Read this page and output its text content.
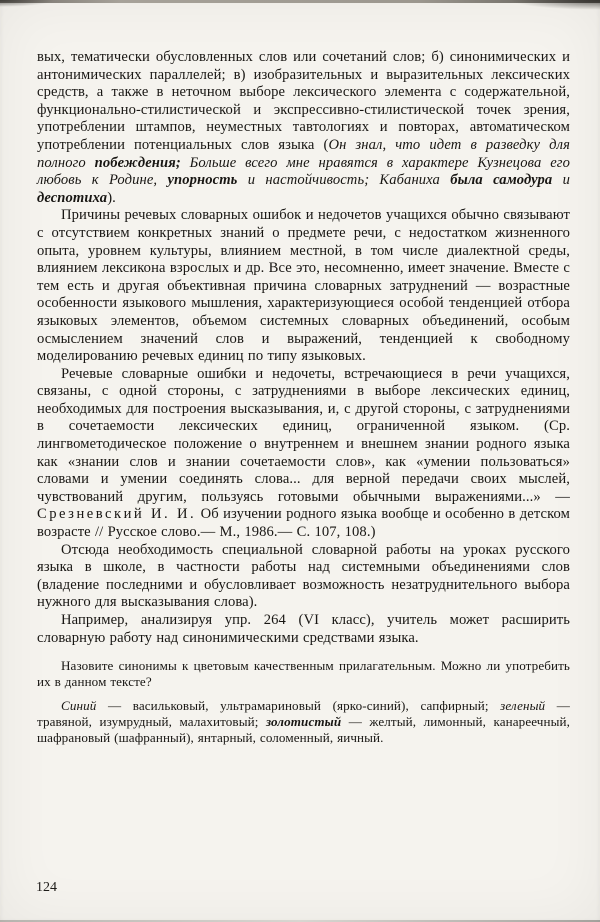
вых, тематически обусловленных слов или сочетаний слов; б) синонимических и антонимических параллелей; в) изобразительных и выразительных лексических средств, а также в неточном выборе лексического элемента с содержательной, функционально-стилистической и экспрессивно-стилистической точек зрения, употреблении штампов, неуместных тавтологиях и повторах, автоматическом употреблении потенциальных слов языка (Он знал, что идет в разведку для полного побеждения; Больше всего мне нравятся в характере Кузнецова его любовь к Родине, упорность и настойчивость; Кабаниха была самодура и деспотиха).

Причины речевых словарных ошибок и недочетов учащихся обычно связывают с отсутствием конкретных знаний о предмете речи, с недостатком жизненного опыта, уровнем культуры, влиянием местной, в том числе диалектной среды, влиянием лексикона взрослых и др. Все это, несомненно, имеет значение. Вместе с тем есть и другая объективная причина словарных затруднений — возрастные особенности языкового мышления, характеризующиеся особой тенденцией отбора языковых элементов, объемом системных словарных объединений, особым осмыслением значений слов и выражений, тенденцией к свободному моделированию речевых единиц по типу языковых.

Речевые словарные ошибки и недочеты, встречающиеся в речи учащихся, связаны, с одной стороны, с затруднениями в выборе лексических единиц, необходимых для построения высказывания, и, с другой стороны, с затруднениями в сочетаемости лексических единиц, ограниченной языком. (Ср. лингвометодическое положение о внутреннем и внешнем знании родного языка как «знании слов и знании сочетаемости слов», как «умении пользоваться» словами и умении соединять слова... для верной передачи своих мыслей, чувствований другим, пользуясь готовыми обычными выражениями...» — Срезневский И. И. Об изучении родного языка вообще и особенно в детском возрасте // Русское слово.— М., 1986.— С. 107, 108.)

Отсюда необходимость специальной словарной работы на уроках русского языка в школе, в частности работы над системными объединениями слов (владение последними и обусловливает возможность незатруднительного выбора нужного для высказывания слова).

Например, анализируя упр. 264 (VI класс), учитель может расширить словарную работу над синонимическими средствами языка.

Назовите синонимы к цветовым качественным прилагательным. Можно ли употребить их в данном тексте?

Синий — васильковый, ультрамариновый (ярко-синий), сапфирный; зеленый — травяной, изумрудный, малахитовый; золотистый — желтый, лимонный, канареечный, шафрановый (шафранный), янтарный, соломенный, яичный.

124
